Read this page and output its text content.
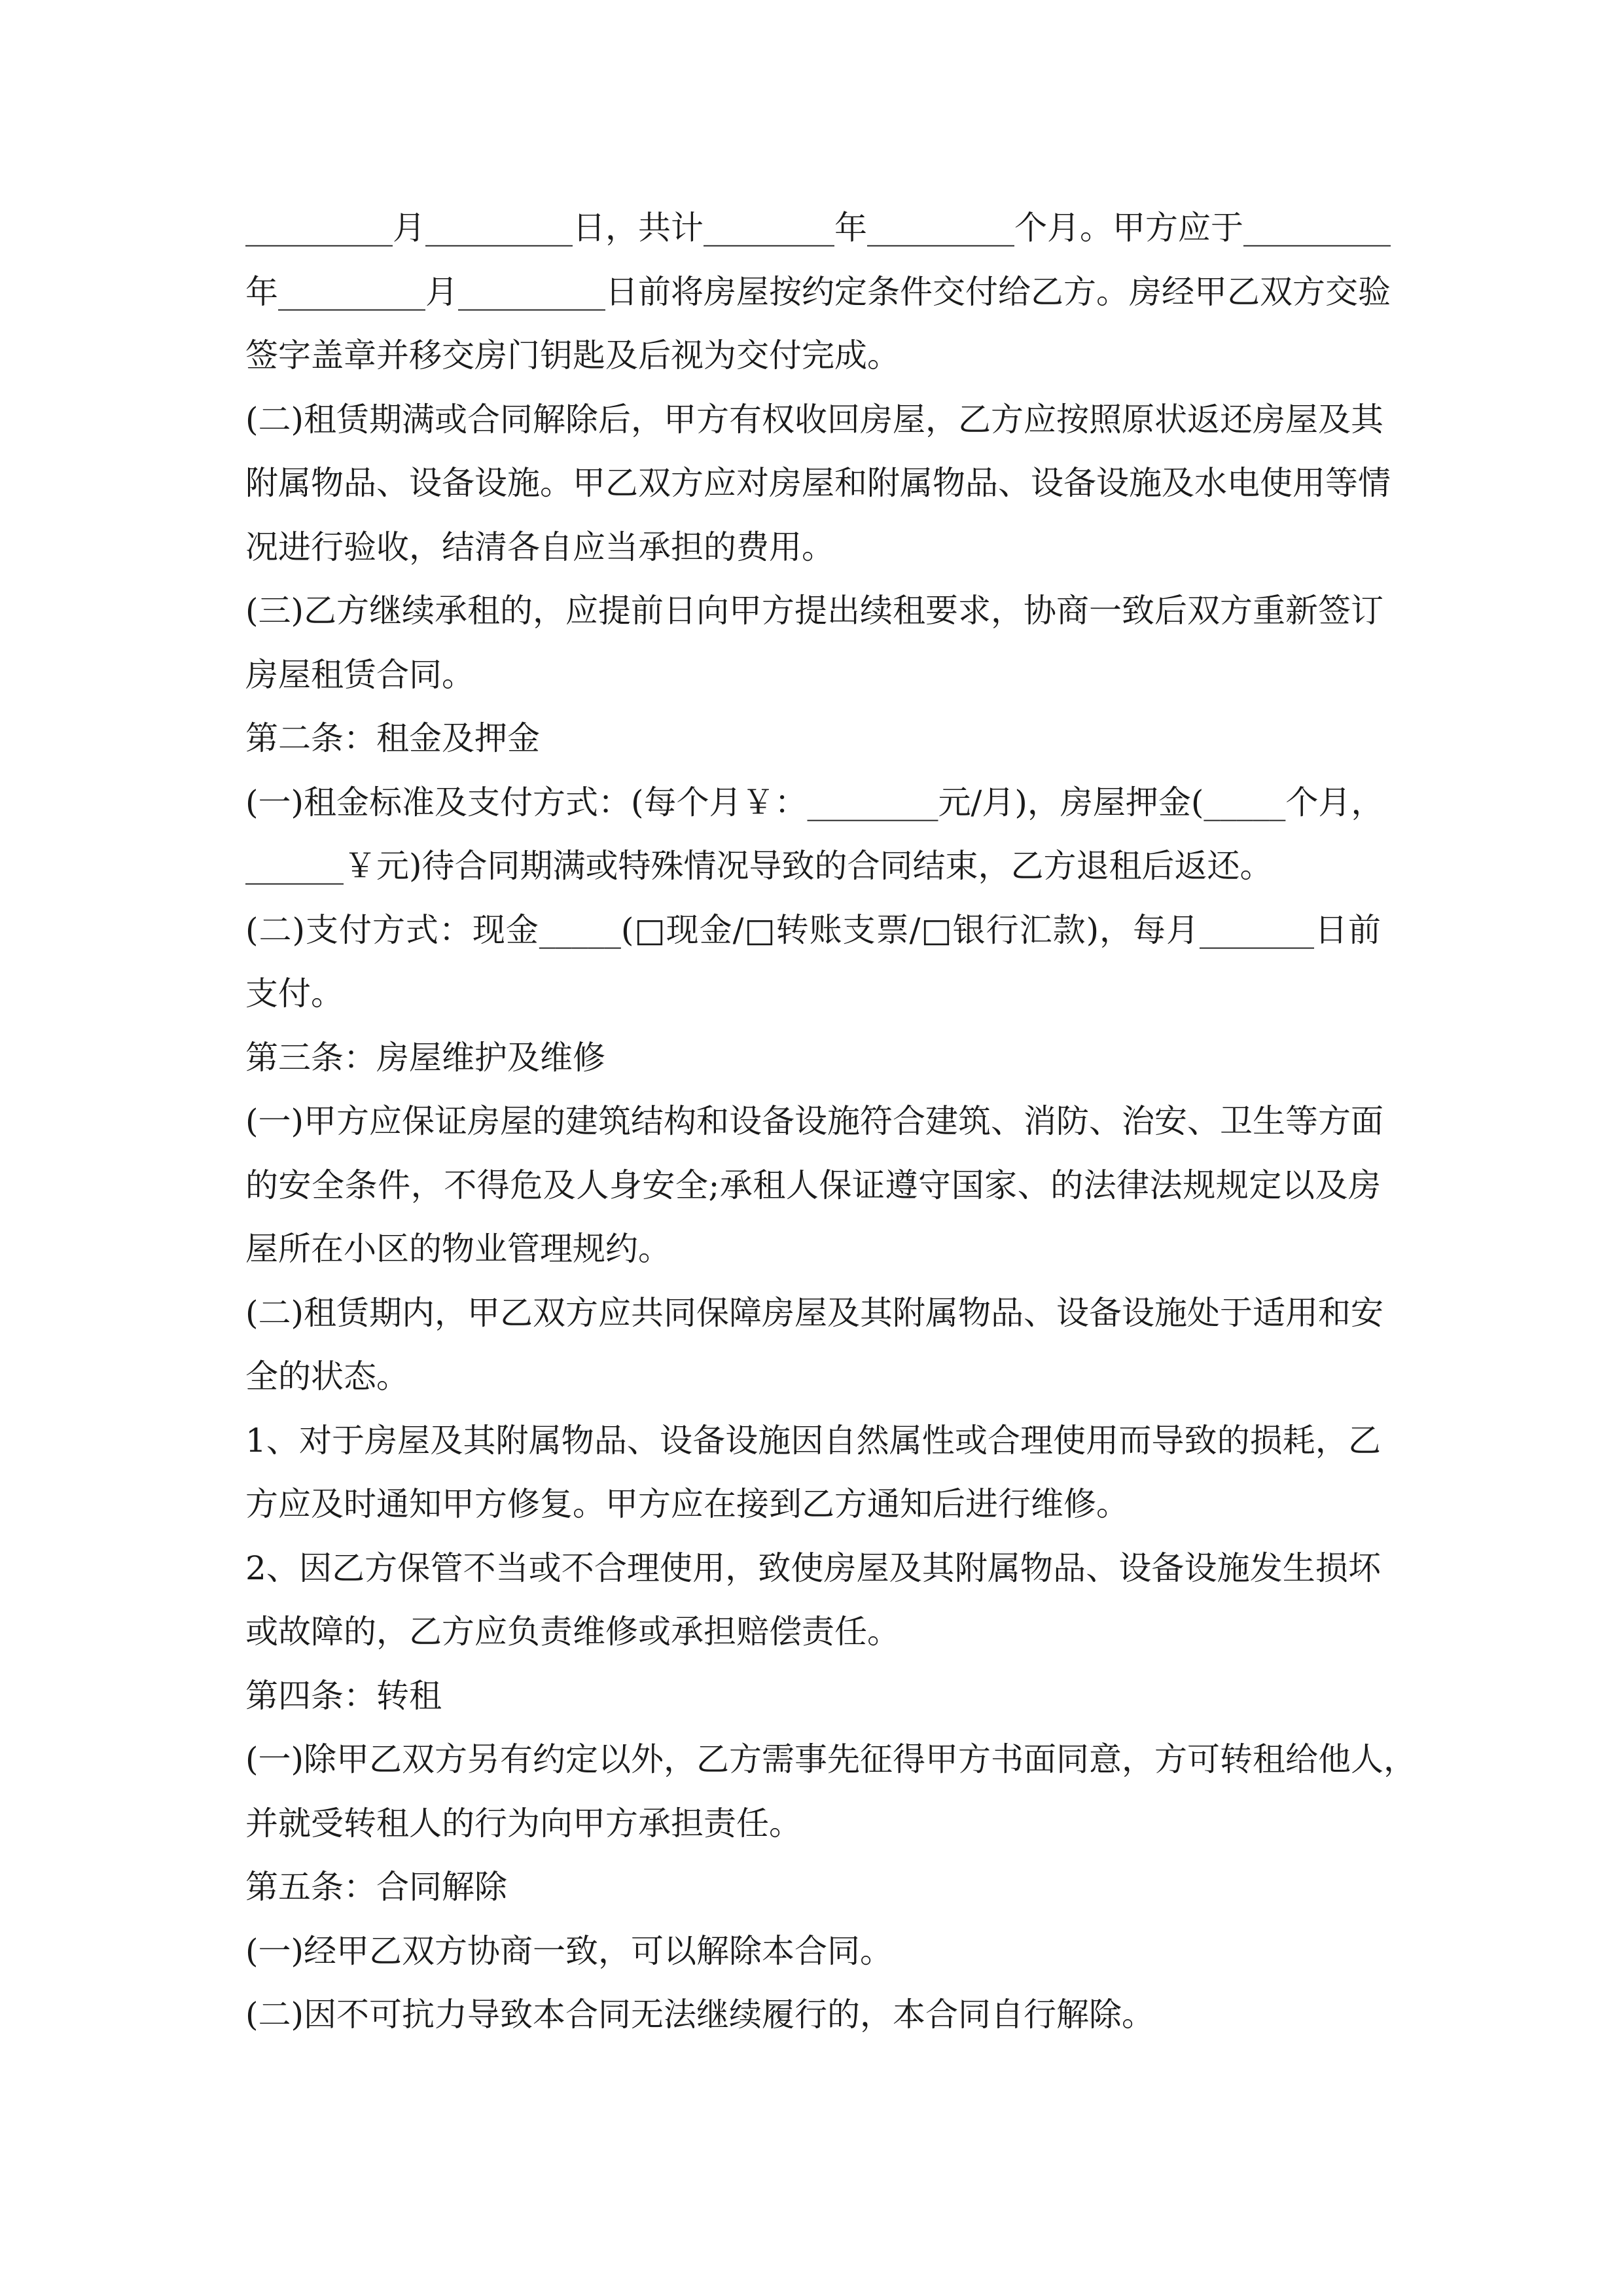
_________月_________日，共计________年_________个月。甲方应于_________
年_________月_________日前将房屋按约定条件交付给乙方。房经甲乙双方交验
签字盖章并移交房门钥匙及后视为交付完成。
(二)租赁期满或合同解除后，甲方有权收回房屋，乙方应按照原状返还房屋及其
附属物品、设备设施。甲乙双方应对房屋和附属物品、设备设施及水电使用等情
况进行验收，结清各自应当承担的费用。
(三)乙方继续承租的，应提前日向甲方提出续租要求，协商一致后双方重新签订
房屋租赁合同。
第二条：租金及押金
(一)租金标准及支付方式：(每个月￥：________元/月)，房屋押金(_____个月，
______￥元)待合同期满或特殊情况导致的合同结束，乙方退租后返还。
(二)支付方式：现金_____(□现金/□转账支票/□银行汇款)，每月_______日前
支付。
第三条：房屋维护及维修
(一)甲方应保证房屋的建筑结构和设备设施符合建筑、消防、治安、卫生等方面
的安全条件，不得危及人身安全;承租人保证遵守国家、的法律法规规定以及房
屋所在小区的物业管理规约。
(二)租赁期内，甲乙双方应共同保障房屋及其附属物品、设备设施处于适用和安
全的状态。
1、对于房屋及其附属物品、设备设施因自然属性或合理使用而导致的损耗，乙
方应及时通知甲方修复。甲方应在接到乙方通知后进行维修。
2、因乙方保管不当或不合理使用，致使房屋及其附属物品、设备设施发生损坏
或故障的，乙方应负责维修或承担赔偿责任。
第四条：转租
(一)除甲乙双方另有约定以外，乙方需事先征得甲方书面同意，方可转租给他人，
并就受转租人的行为向甲方承担责任。
第五条：合同解除
(一)经甲乙双方协商一致，可以解除本合同。
(二)因不可抗力导致本合同无法继续履行的，本合同自行解除。
